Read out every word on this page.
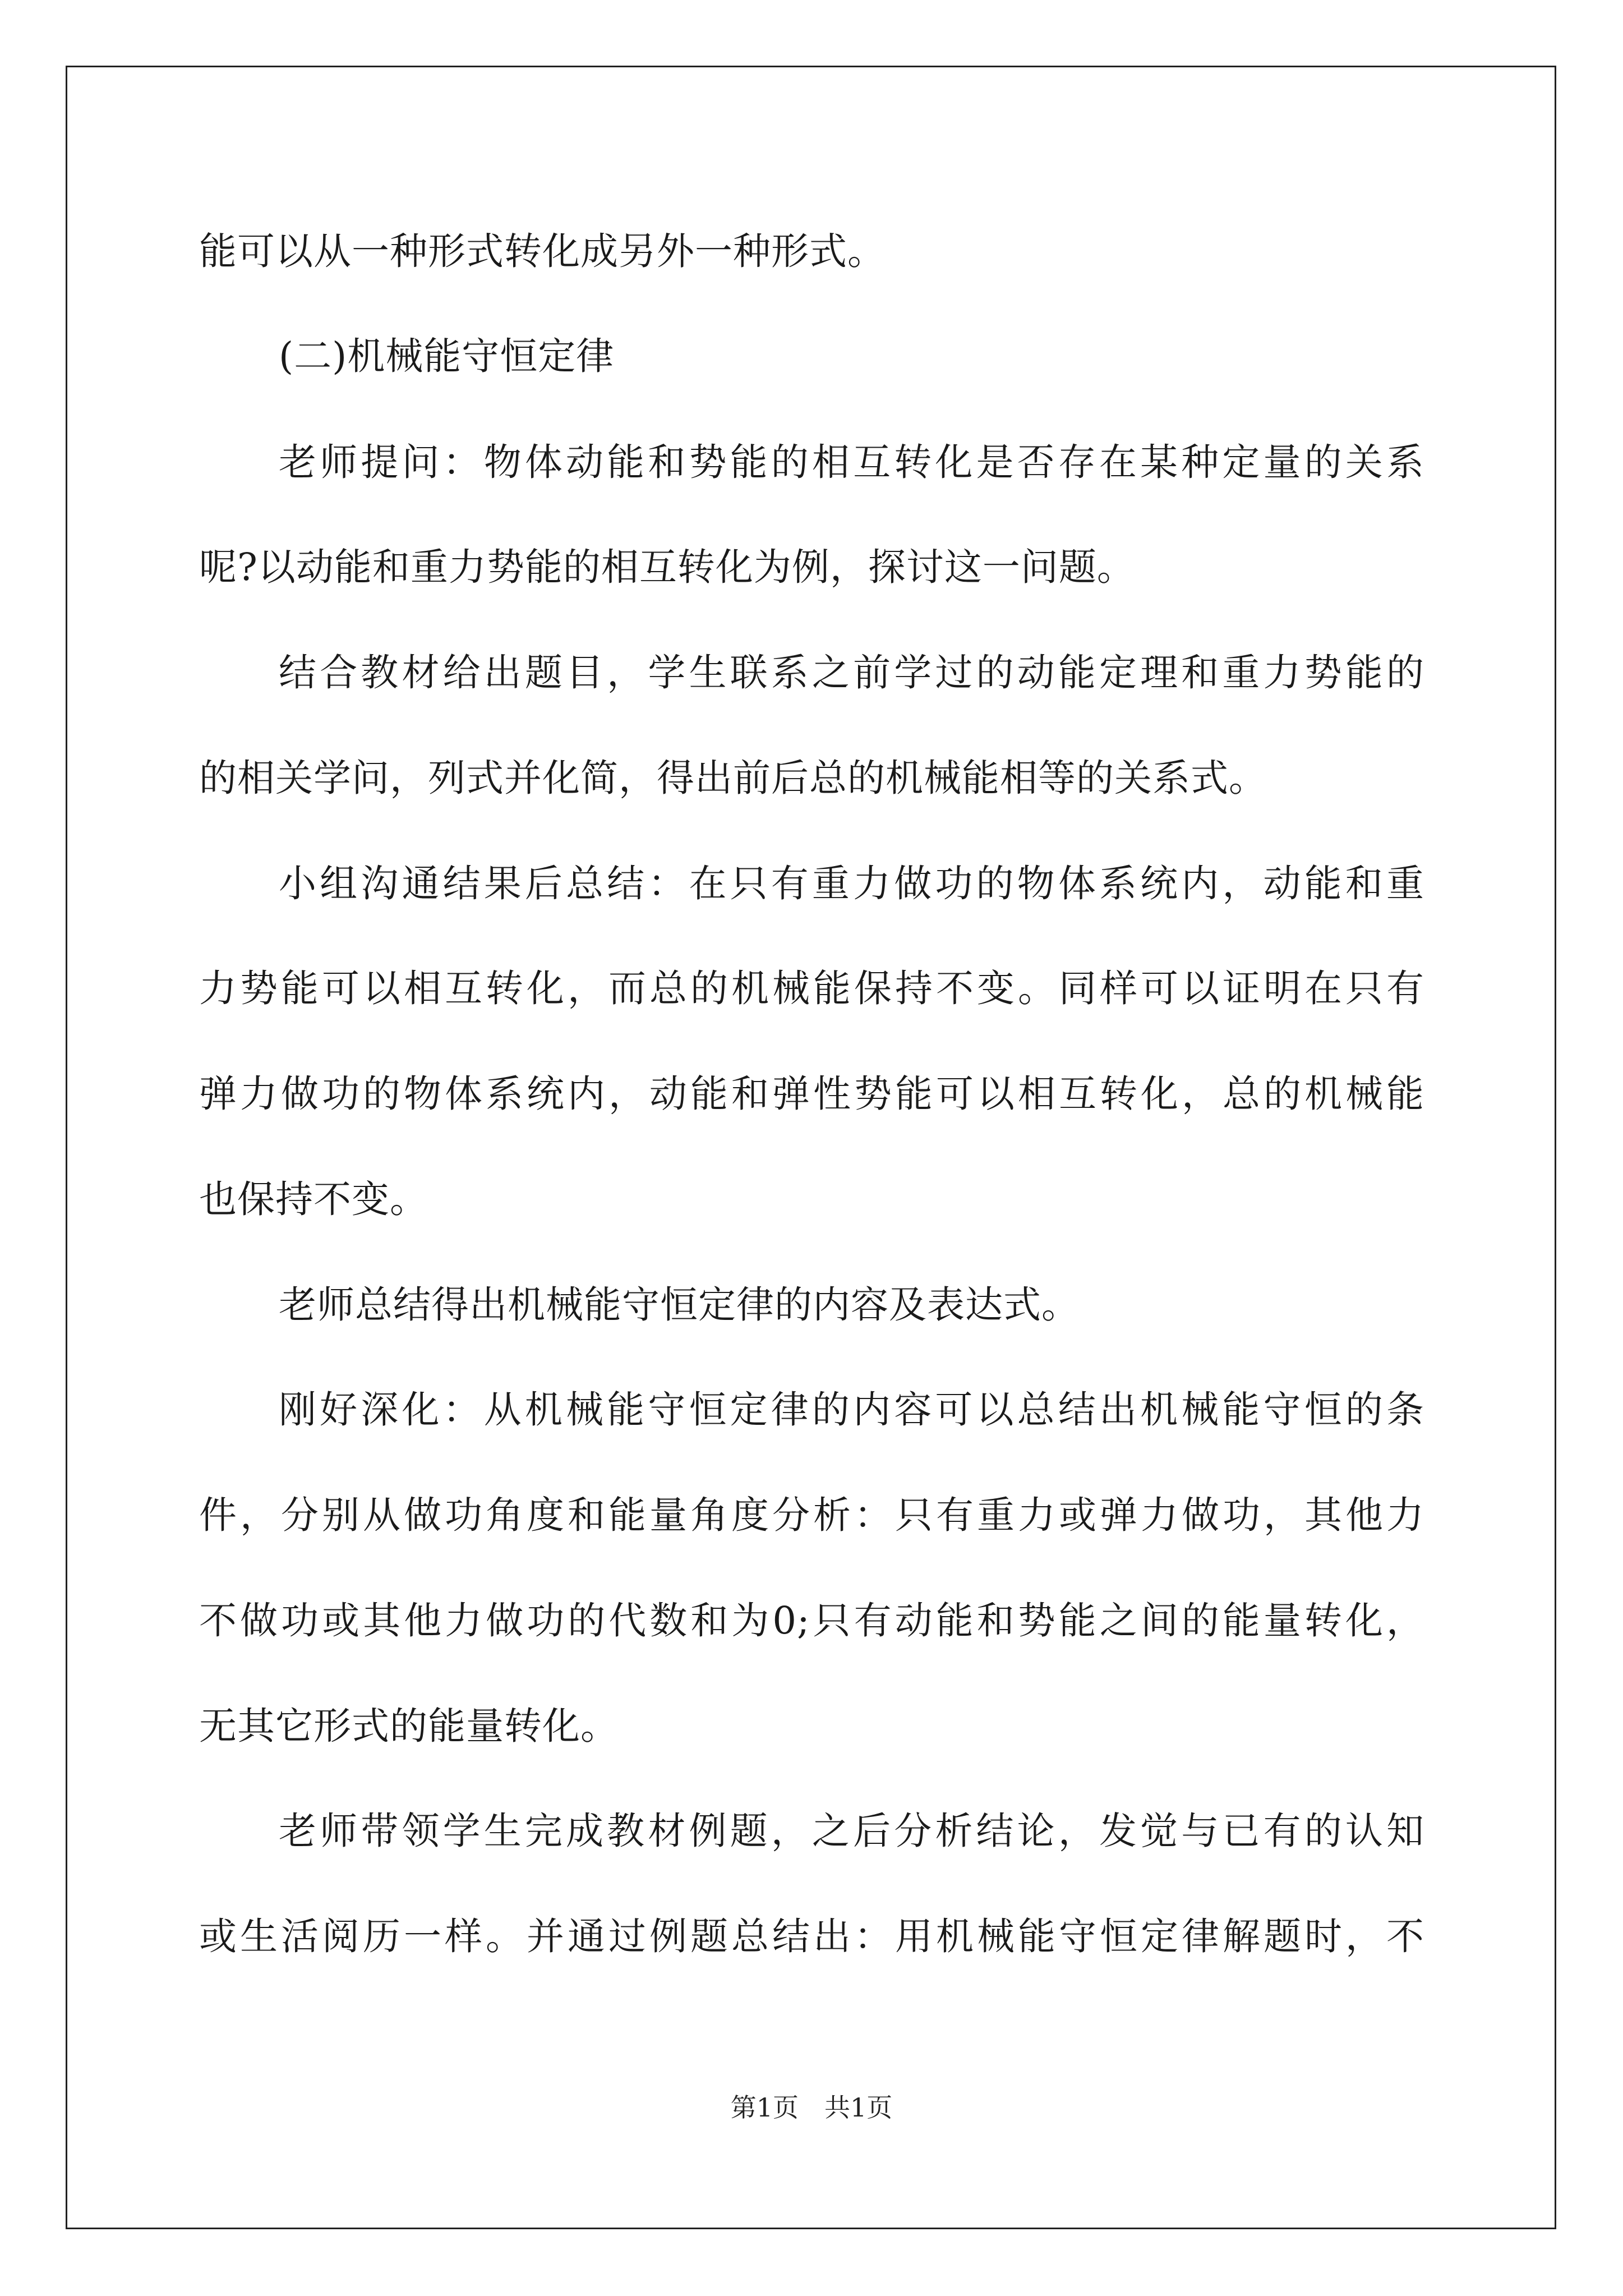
能可以从一种形式转化成另外一种形式。
(二)机械能守恒定律
老师提问：物体动能和势能的相互转化是否存在某种定量的关系
呢?以动能和重力势能的相互转化为例，探讨这一问题。
结合教材给出题目，学生联系之前学过的动能定理和重力势能的
的相关学问，列式并化简，得出前后总的机械能相等的关系式。
小组沟通结果后总结：在只有重力做功的物体系统内，动能和重
力势能可以相互转化，而总的机械能保持不变。同样可以证明在只有
弹力做功的物体系统内，动能和弹性势能可以相互转化，总的机械能
也保持不变。
老师总结得出机械能守恒定律的内容及表达式。
刚好深化：从机械能守恒定律的内容可以总结出机械能守恒的条
件，分别从做功角度和能量角度分析：只有重力或弹力做功，其他力
不做功或其他力做功的代数和为0;只有动能和势能之间的能量转化，
无其它形式的能量转化。
老师带领学生完成教材例题，之后分析结论，发觉与已有的认知
或生活阅历一样。并通过例题总结出：用机械能守恒定律解题时，不
第1页　共1页
